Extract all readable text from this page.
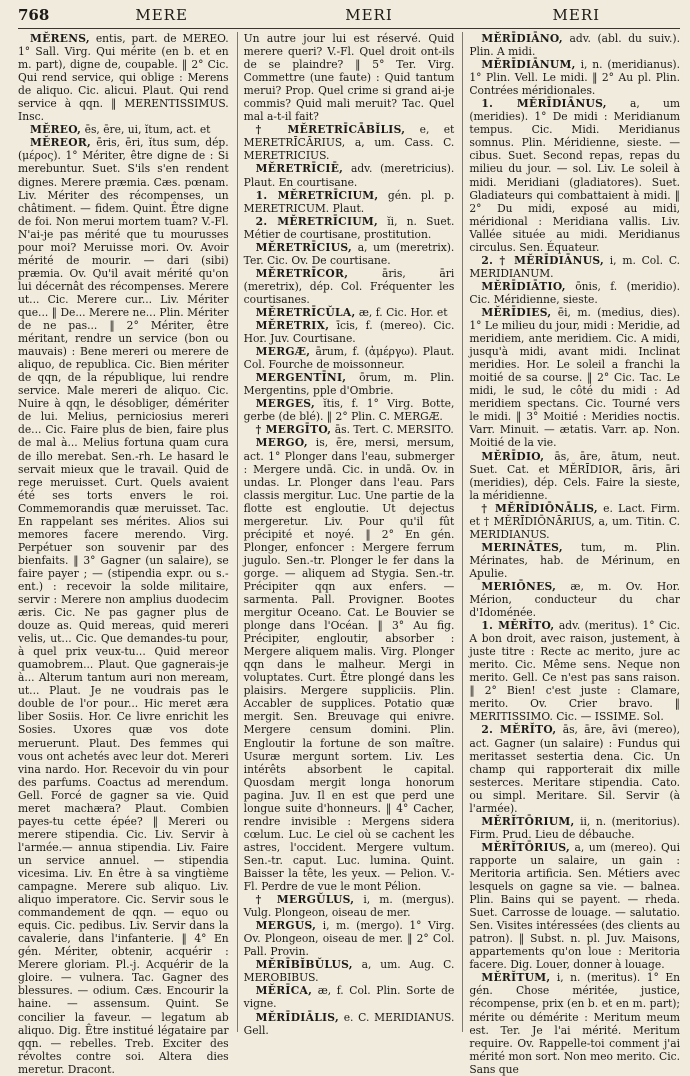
768	MERE	MERI	MERI

MĔRENS, entis, part. de MEREO. 1° Sall. Virg. Qui mérite (en b. et en m. part), digne de, coupable. ‖ 2° Cic. Qui rend service, qui oblige : Merens de aliquo. Cic. alicui. Plaut. Qui rend service à qqn. ‖ MERENTISSIMUS. Insc.

MĔREO, ēs, ēre, ui, ĭtum, act. et

MĔREOR, ēris, ēri, ĭtus sum, dép. (μέρος). 1° Mériter, être digne de : Si merebuntur. Suet. S'ils s'en rendent dignes. Merere præmia. Cæs. pœnam. Liv. Mériter des récompenses, un châtiment. — fidem. Quint. Être digne de foi. Non merui mortem tuam? V.-Fl. N'ai-je pas mérité que tu mourusses pour moi? Meruisse mori. Ov. Avoir mérité de mourir. — dari (sibi) præmia. Ov. Qu'il avait mérité qu'on lui décernât des récompenses. Merere ut... Cic. Merere cur... Liv. Mériter que... ‖ De... Merere ne... Plin. Mériter de ne pas... ‖ 2° Mériter, être méritant, rendre un service (bon ou mauvais) : Bene mereri ou merere de aliquo, de republica. Cic. Bien mériter de qqn, de la république, lui rendre service. Male mereri de aliquo. Cic. Nuire à qqn, le désobliger, démériter de lui. Melius, perniciosius mereri de... Cic. Faire plus de bien, faire plus de mal à... Melius fortuna quam cura de illo merebat. Sen.-rh. Le hasard le servait mieux que le travail. Quid de rege meruisset. Curt. Quels avaient été ses torts envers le roi. Commemorandis quæ meruisset. Tac. En rappelant ses mérites. Alios sui memores facere merendo. Virg. Perpétuer son souvenir par des bienfaits. ‖ 3° Gagner (un salaire), se faire payer ; — (stipendia expr. ou s.-ent.) : recevoir la solde militaire, servir : Merere non amplius duodecim æris. Cic. Ne pas gagner plus de douze as. Quid mereas, quid mereri velis, ut... Cic. Que demandes-tu pour, à quel prix veux-tu... Quid mereor quamobrem... Plaut. Que gagnerais-je à... Alterum tantum auri non meream, ut... Plaut. Je ne voudrais pas le double de l'or pour... Hic meret æra liber Sosiis. Hor. Ce livre enrichit les Sosies. Uxores quæ vos dote meruerunt. Plaut. Des femmes qui vous ont achetés avec leur dot. Mereri vina nardo. Hor. Recevoir du vin pour des parfums. Coactus ad merendum. Gell. Forcé de gagner sa vie. Quid meret machæra? Plaut. Combien payes-tu cette épée? ‖ Mereri ou merere stipendia. Cic. Liv. Servir à l'armée.— annua stipendia. Liv. Faire un service annuel. — stipendia vicesima. Liv. En être à sa vingtième campagne. Merere sub aliquo. Liv. aliquo imperatore. Cic. Servir sous le commandement de qqn. — equo ou equis. Cic. pedibus. Liv. Servir dans la cavalerie, dans l'infanterie. ‖ 4° En gén. Mériter, obtenir, acquérir : Merere gloriam. Pl.-j. Acquérir de la gloire. — vulnera. Tac. Gagner des blessures. — odium. Cæs. Encourir la haine. — assensum. Quint. Se concilier la faveur. — legatum ab aliquo. Dig. Être institué légataire par qqn. — rebelles. Treb. Exciter des révoltes contre soi. Altera dies meretur. Dracont.

Un autre jour lui est réservé. Quid merere queri? V.-Fl. Quel droit ont-ils de se plaindre? ‖ 5° Ter. Virg. Commettre (une faute) : Quid tantum merui? Prop. Quel crime si grand ai-je commis? Quid mali meruit? Tac. Quel mal a-t-il fait?

† MĔRETRĪCĀBĬLIS, e, et MERETRĪCĀRIUS, a, um. Cass. C. MERETRICIUS.

MĔRETRĪCIĒ, adv. (meretricius). Plaut. En courtisane.

1. MĔRETRĪCIUM, gén. pl. p. MERETRICUM. Plaut.

2. MĔRETRĪCIUM, ĭi, n. Suet. Métier de courtisane, prostitution.

MĔRETRĪCIUS, a, um (meretrix). Ter. Cic. Ov. De courtisane.

MĔRETRĪCOR, āris, āri (meretrix), dép. Col. Fréquenter les courtisanes.

MĔRETRĪCŬLA, æ, f. Cic. Hor. et

MĔRETRIX, īcis, f. (mereo). Cic. Hor. Juv. Courtisane.

MERGÆ, ārum, f. (ἀμέργω). Plaut. Col. Fourche de moissonneur.

MERGENTĪNI, ōrum, m. Plin. Mergentins, pple d'Ombrie.

MERGES, ĭtis, f. 1° Virg. Botte, gerbe (de blé). ‖ 2° Plin. C. MERGÆ.

† MERGĪTO, ās. Tert. C. MERSITO.

MERGO, is, ēre, mersi, mersum, act. 1° Plonger dans l'eau, submerger : Mergere undā. Cic. in undā. Ov. in undas. Lr. Plonger dans l'eau. Pars classis mergitur. Luc. Une partie de la flotte est engloutie. Ut dejectus mergeretur. Liv. Pour qu'il fût précipité et noyé. ‖ 2° En gén. Plonger, enfoncer : Mergere ferrum jugulo. Sen.-tr. Plonger le fer dans la gorge. — aliquem ad Stygia. Sen.-tr. Précipiter qqn aux enfers. — sarmenta. Pall. Provigner. Bootes mergitur Oceano. Cat. Le Bouvier se plonge dans l'Océan. ‖ 3° Au fig. Précipiter, engloutir, absorber : Mergere aliquem malis. Virg. Plonger qqn dans le malheur. Mergi in voluptates. Curt. Être plongé dans les plaisirs. Mergere suppliciis. Plin. Accabler de supplices. Potatio quæ mergit. Sen. Breuvage qui enivre. Mergere censum domini. Plin. Engloutir la fortune de son maître. Usuræ mergunt sortem. Liv. Les intérêts absorbent le capital. Quosdam mergit longa honorum pagina. Juv. Il en est que perd une longue suite d'honneurs. ‖ 4° Cacher, rendre invisible : Mergens sidera cœlum. Luc. Le ciel où se cachent les astres, l'occident. Mergere vultum. Sen.-tr. caput. Luc. lumina. Quint. Baisser la tête, les yeux. — Pelion. V.-Fl. Perdre de vue le mont Pélion.

† MERGŬLUS, i, m. (mergus). Vulg. Plongeon, oiseau de mer.

MERGUS, i, m. (mergo). 1° Virg. Ov. Plongeon, oiseau de mer. ‖ 2° Col. Pall. Provin.

MĔRĪBĬBŬLUS, a, um. Aug. C. MEROBIBUS.

MĔRĪCA, æ, f. Col. Plin. Sorte de vigne.

MĔRĪDIĀLIS, e. C. MERIDIANUS. Gell.

MĔRĪDIĀNO, adv. (abl. du suiv.). Plin. A midi.

MĔRĪDIĀNUM, i, n. (meridianus). 1° Plin. Vell. Le midi. ‖ 2° Au pl. Plin. Contrées méridionales.

1. MĔRĪDIĀNUS, a, um (meridies). 1° De midi : Meridianum tempus. Cic. Midi. Meridianus somnus. Plin. Méridienne, sieste. — cibus. Suet. Second repas, repas du milieu du jour. — sol. Liv. Le soleil à midi. Meridiani (gladiatores). Suet. Gladiateurs qui combattaient à midi. ‖ 2° Du midi, exposé au midi, méridional : Meridiana vallis. Liv. Vallée située au midi. Meridianus circulus. Sen. Équateur.

2. † MĔRĪDIĀNUS, i, m. Col. C. MERIDIANUM.

MĔRĪDIĀTIO, ōnis, f. (meridio). Cic. Méridienne, sieste.

MĔRĪDIES, ēi, m. (medius, dies). 1° Le milieu du jour, midi : Meridie, ad meridiem, ante meridiem. Cic. A midi, jusqu'à midi, avant midi. Inclinat meridies. Hor. Le soleil a franchi la moitié de sa course. ‖ 2° Cic. Tac. Le midi, le sud, le côté du midi : Ad meridiem spectans. Cic. Tourné vers le midi. ‖ 3° Moitié : Meridies noctis. Varr. Minuit. — ætatis. Varr. ap. Non. Moitié de la vie.

MĔRĪDIO, ās, āre, ātum, neut. Suet. Cat. et MĔRĪDIOR, āris, āri (meridies), dép. Cels. Faire la sieste, la méridienne.

† MĔRĪDIŌNĀLIS, e. Lact. Firm. et † MĔRĪDIŌNĀRIUS, a, um. Titin. C. MERIDIANUS.

MERINĀTES, tum, m. Plin. Mérinates, hab. de Mérinum, en Apulie.

MERIŌNES, æ, m. Ov. Hor. Mérion, conducteur du char d'Idoménée.

1. MĔRĬTO, adv. (meritus). 1° Cic. A bon droit, avec raison, justement, à juste titre : Recte ac merito, jure ac merito. Cic. Même sens. Neque non merito. Gell. Ce n'est pas sans raison. ‖ 2° Bien! c'est juste : Clamare, merito. Ov. Crier bravo. ‖ MERITISSIMO. Cic. — ISSIME. Sol.

2. MĔRĬTO, ās, āre, āvi (mereo), act. Gagner (un salaire) : Fundus qui meritasset sestertia dena. Cic. Un champ qui rapporterait dix mille sesterces. Meritare stipendia. Cato. ou simpl. Meritare. Sil. Servir (à l'armée).

MĔRĬTŌRIUM, ii, n. (meritorius). Firm. Prud. Lieu de débauche.

MĔRĬTŌRIUS, a, um (mereo). Qui rapporte un salaire, un gain : Meritoria artificia. Sen. Métiers avec lesquels on gagne sa vie. — balnea. Plin. Bains qui se payent. — rheda. Suet. Carrosse de louage. — salutatio. Sen. Visites intéressées (des clients au patron). ‖ Subst. n. pl. Juv. Maisons, appartements qu'on loue : Meritoria facere. Dig. Louer, donner à louage.

MĔRĬTUM, i, n. (meritus). 1° En gén. Chose méritée, justice, récompense, prix (en b. et en m. part); mérite ou démérite : Meritum meum est. Ter. Je l'ai mérité. Meritum require. Ov. Rappelle-toi comment j'ai mérité mon sort. Non meo merito. Cic. Sans que
